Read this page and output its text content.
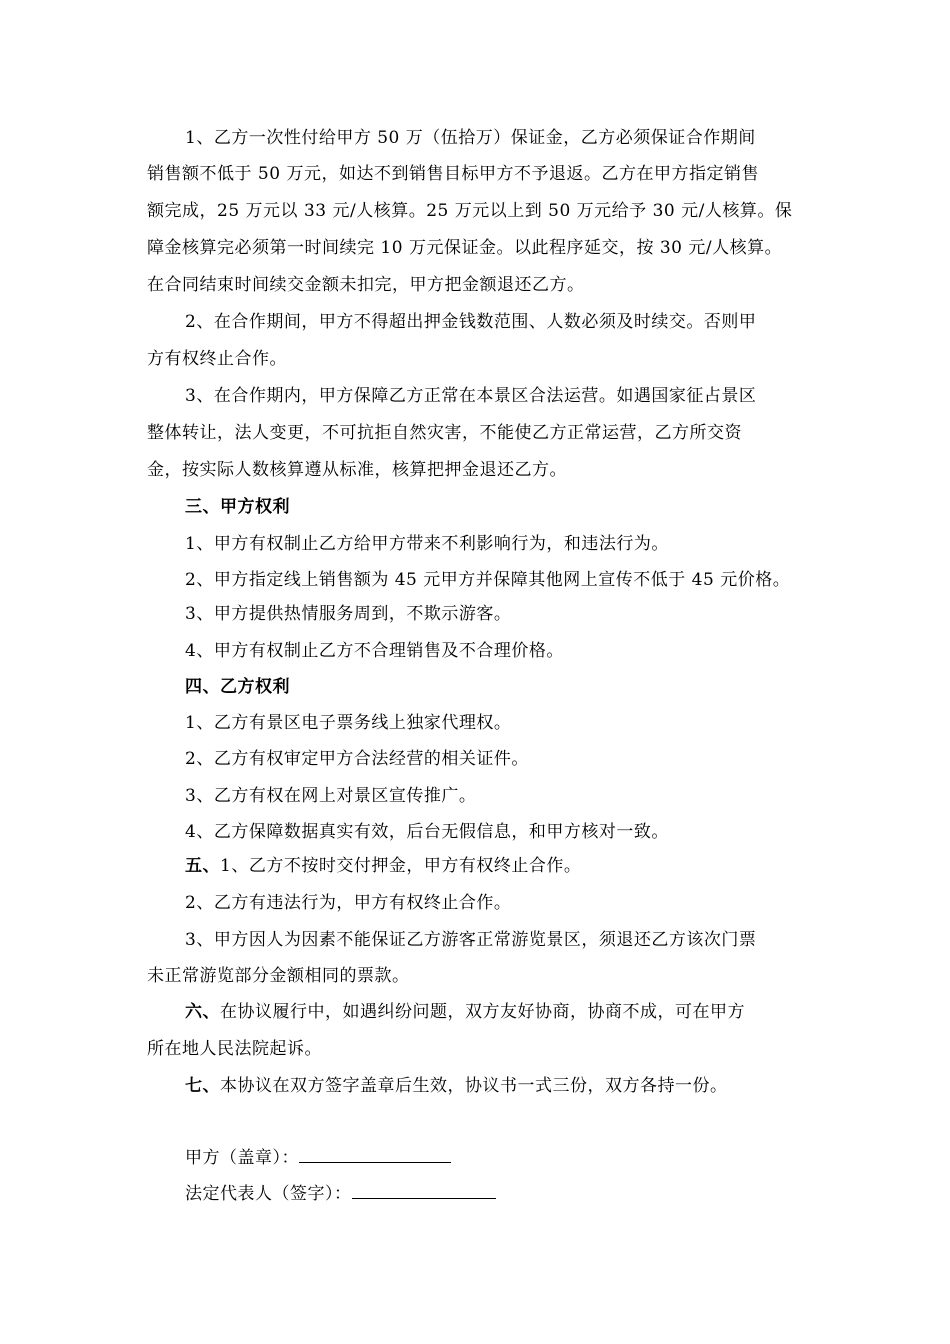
1、乙方一次性付给甲方 50 万（伍拾万）保证金，乙方必须保证合作期间
销售额不低于 50 万元，如达不到销售目标甲方不予退返。乙方在甲方指定销售
额完成，25 万元以 33 元/人核算。25 万元以上到 50 万元给予 30 元/人核算。保
障金核算完必须第一时间续完 10 万元保证金。以此程序延交，按 30 元/人核算。
在合同结束时间续交金额未扣完，甲方把金额退还乙方。
2、在合作期间，甲方不得超出押金钱数范围、人数必须及时续交。否则甲
方有权终止合作。
3、在合作期内，甲方保障乙方正常在本景区合法运营。如遇国家征占景区
整体转让，法人变更，不可抗拒自然灾害，不能使乙方正常运营，乙方所交资
金，按实际人数核算遵从标准，核算把押金退还乙方。
三、甲方权利
1、甲方有权制止乙方给甲方带来不利影响行为，和违法行为。
2、甲方指定线上销售额为 45 元甲方并保障其他网上宣传不低于 45 元价格。
3、甲方提供热情服务周到，不欺示游客。
4、甲方有权制止乙方不合理销售及不合理价格。
四、乙方权利
1、乙方有景区电子票务线上独家代理权。
2、乙方有权审定甲方合法经营的相关证件。
3、乙方有权在网上对景区宣传推广。
4、乙方保障数据真实有效，后台无假信息，和甲方核对一致。
五、1、乙方不按时交付押金，甲方有权终止合作。
2、乙方有违法行为，甲方有权终止合作。
3、甲方因人为因素不能保证乙方游客正常游览景区，须退还乙方该次门票
未正常游览部分金额相同的票款。
六、在协议履行中，如遇纠纷问题，双方友好协商，协商不成，可在甲方
所在地人民法院起诉。
七、本协议在双方签字盖章后生效，协议书一式三份，双方各持一份。
甲方（盖章）：
法定代表人（签字）：
